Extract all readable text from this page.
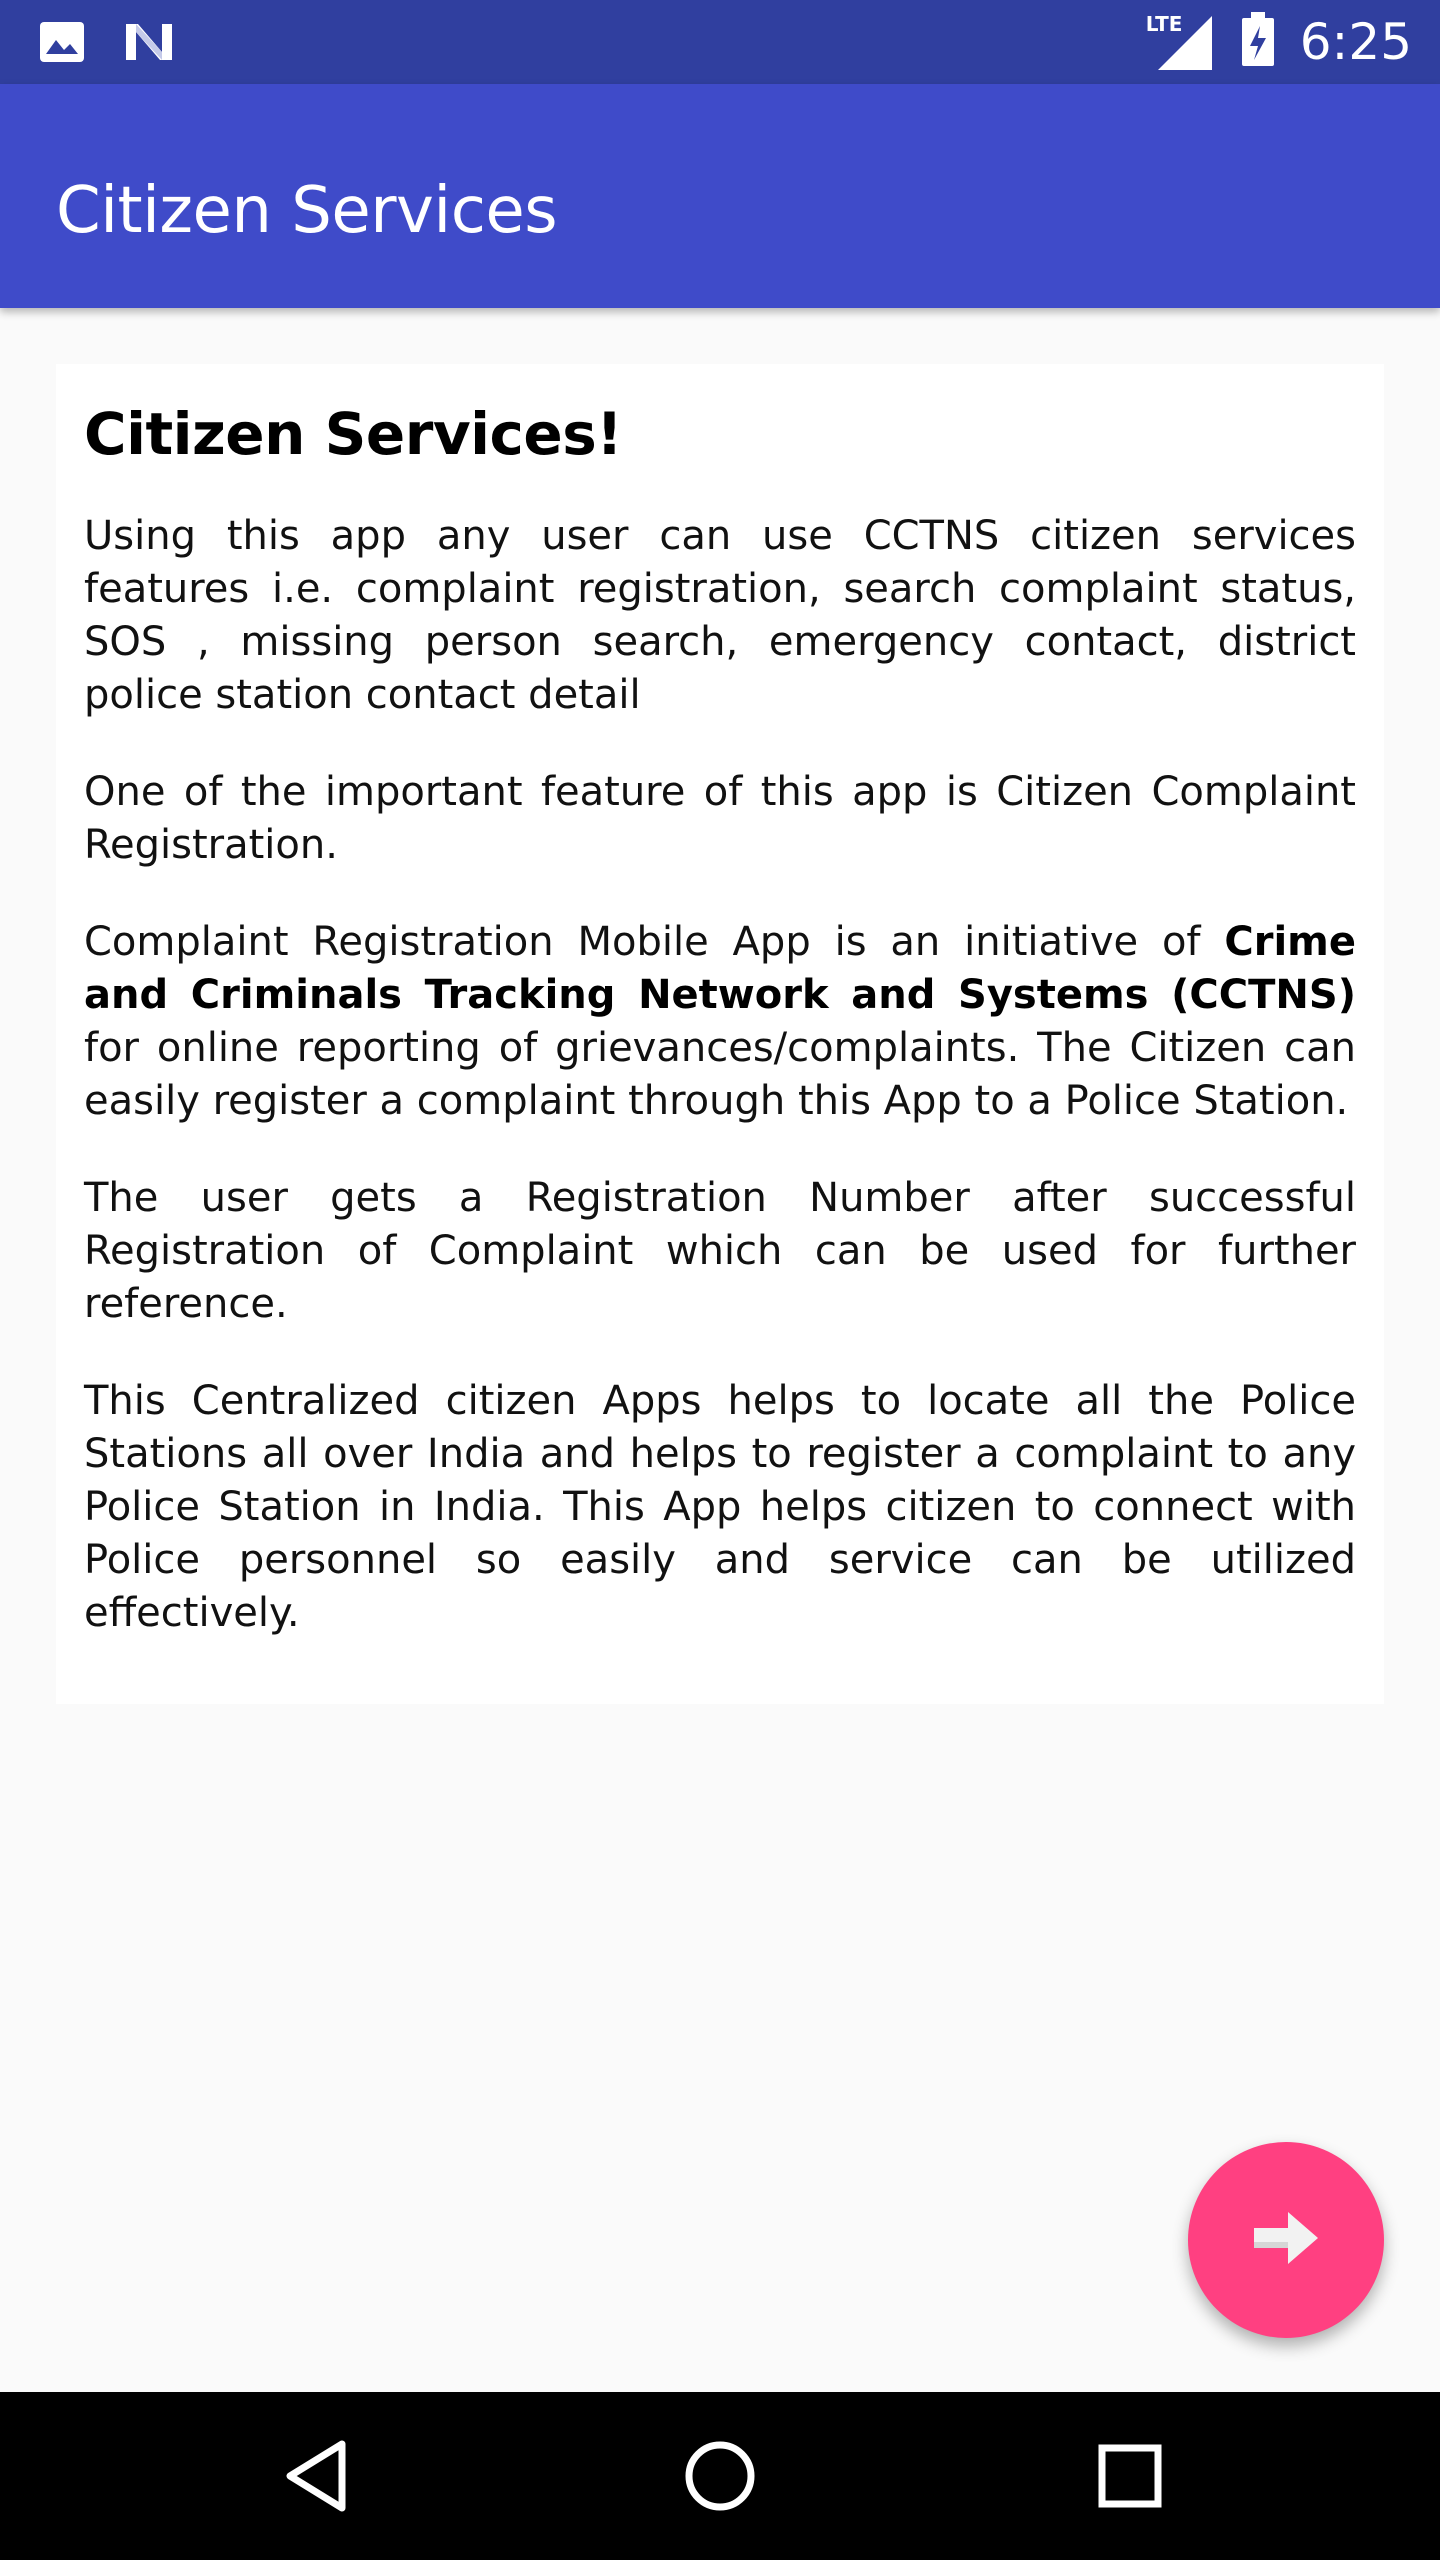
LTE 6:25
Citizen Services
Citizen Services!

Using this app any user can use CCTNS citizen services features i.e. complaint registration, search complaint status, SOS , missing person search, emergency contact, district police station contact detail

One of the important feature of this app is Citizen Complaint Registration.

Complaint Registration Mobile App is an initiative of Crime and Criminals Tracking Network and Systems (CCTNS) for online reporting of grievances/complaints. The Citizen can easily register a complaint through this App to a Police Station.

The user gets a Registration Number after successful Registration of Complaint which can be used for further reference.

This Centralized citizen Apps helps to locate all the Police Stations all over India and helps to register a complaint to any Police Station in India. This App helps citizen to connect with Police personnel so easily and service can be utilized effectively.
